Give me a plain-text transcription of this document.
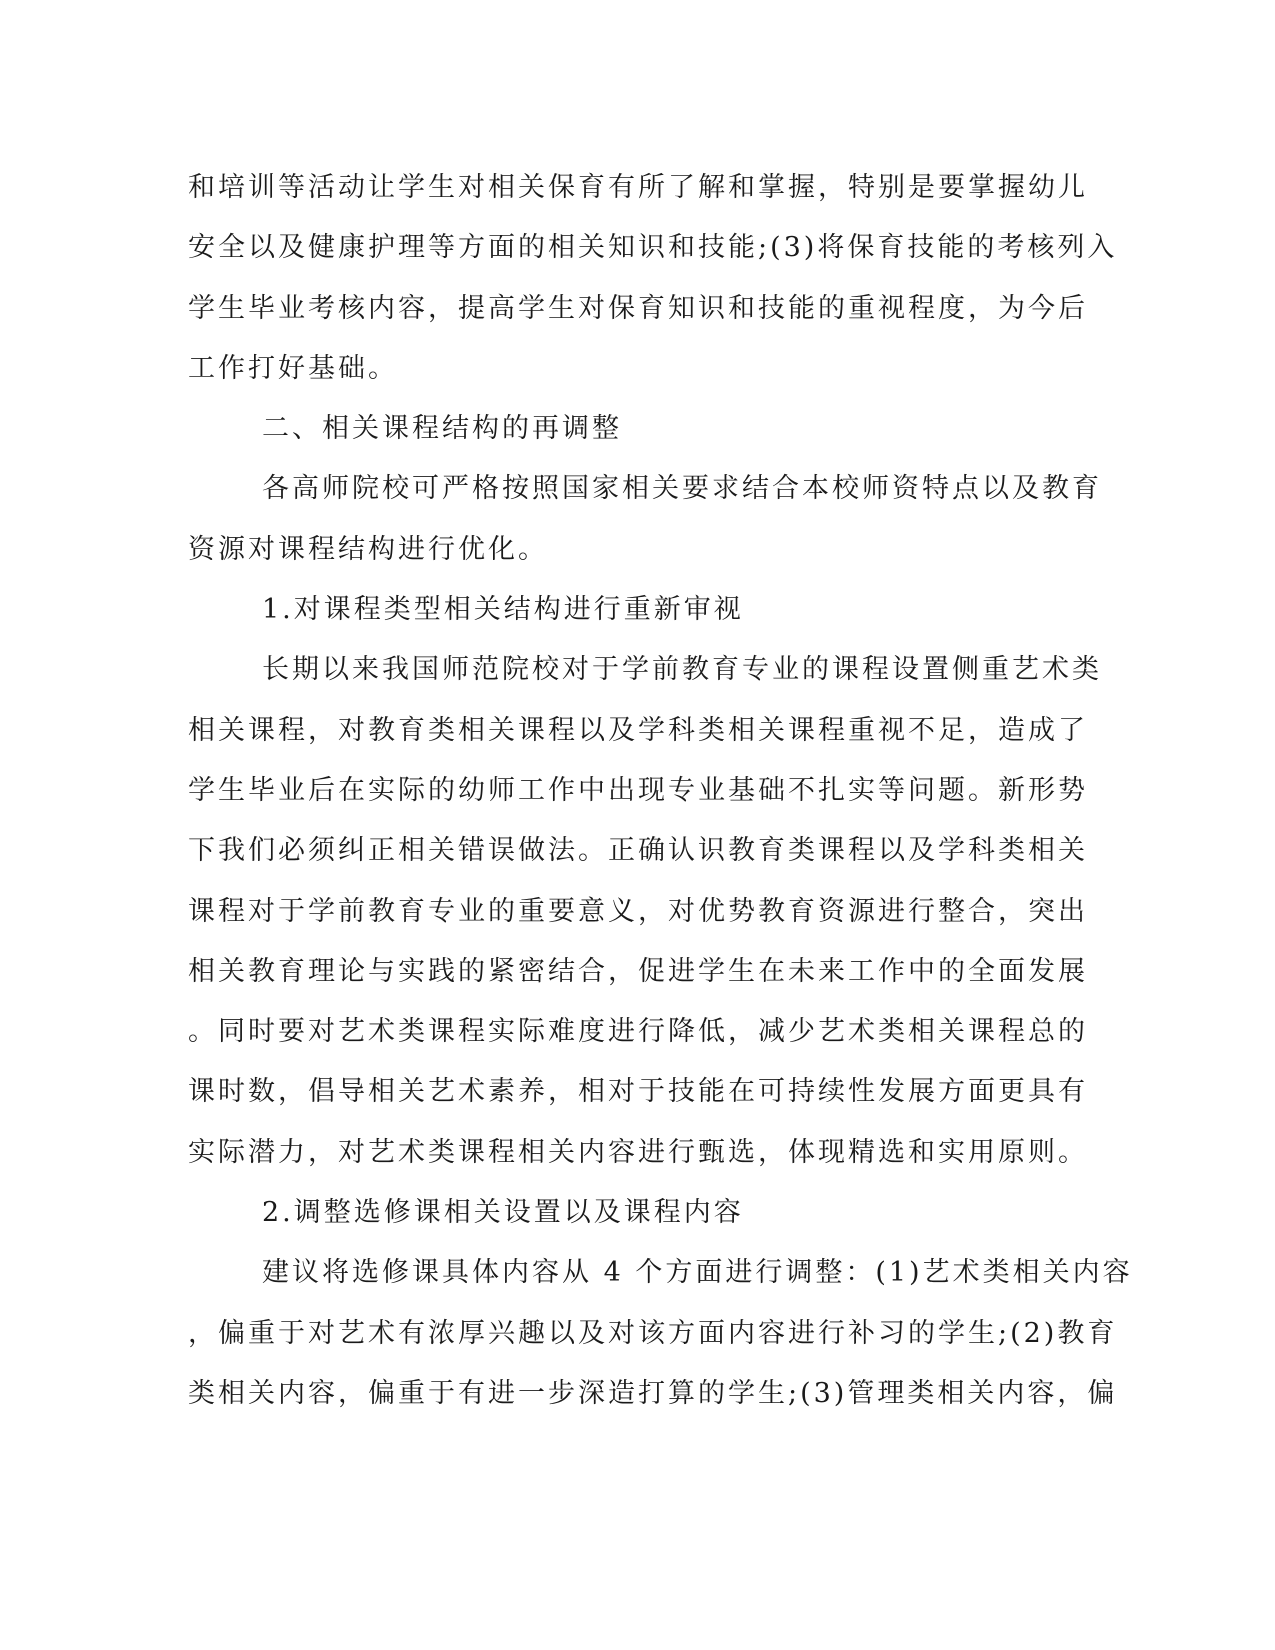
和培训等活动让学生对相关保育有所了解和掌握，特别是要掌握幼儿
安全以及健康护理等方面的相关知识和技能;(3)将保育技能的考核列入
学生毕业考核内容，提高学生对保育知识和技能的重视程度，为今后
工作打好基础。
二、相关课程结构的再调整
各高师院校可严格按照国家相关要求结合本校师资特点以及教育
资源对课程结构进行优化。
1.对课程类型相关结构进行重新审视
长期以来我国师范院校对于学前教育专业的课程设置侧重艺术类
相关课程，对教育类相关课程以及学科类相关课程重视不足，造成了
学生毕业后在实际的幼师工作中出现专业基础不扎实等问题。新形势
下我们必须纠正相关错误做法。正确认识教育类课程以及学科类相关
课程对于学前教育专业的重要意义，对优势教育资源进行整合，突出
相关教育理论与实践的紧密结合，促进学生在未来工作中的全面发展
。同时要对艺术类课程实际难度进行降低，减少艺术类相关课程总的
课时数，倡导相关艺术素养，相对于技能在可持续性发展方面更具有
实际潜力，对艺术类课程相关内容进行甄选，体现精选和实用原则。
2.调整选修课相关设置以及课程内容
建议将选修课具体内容从 4 个方面进行调整：(1)艺术类相关内容
，偏重于对艺术有浓厚兴趣以及对该方面内容进行补习的学生;(2)教育
类相关内容，偏重于有进一步深造打算的学生;(3)管理类相关内容，偏
